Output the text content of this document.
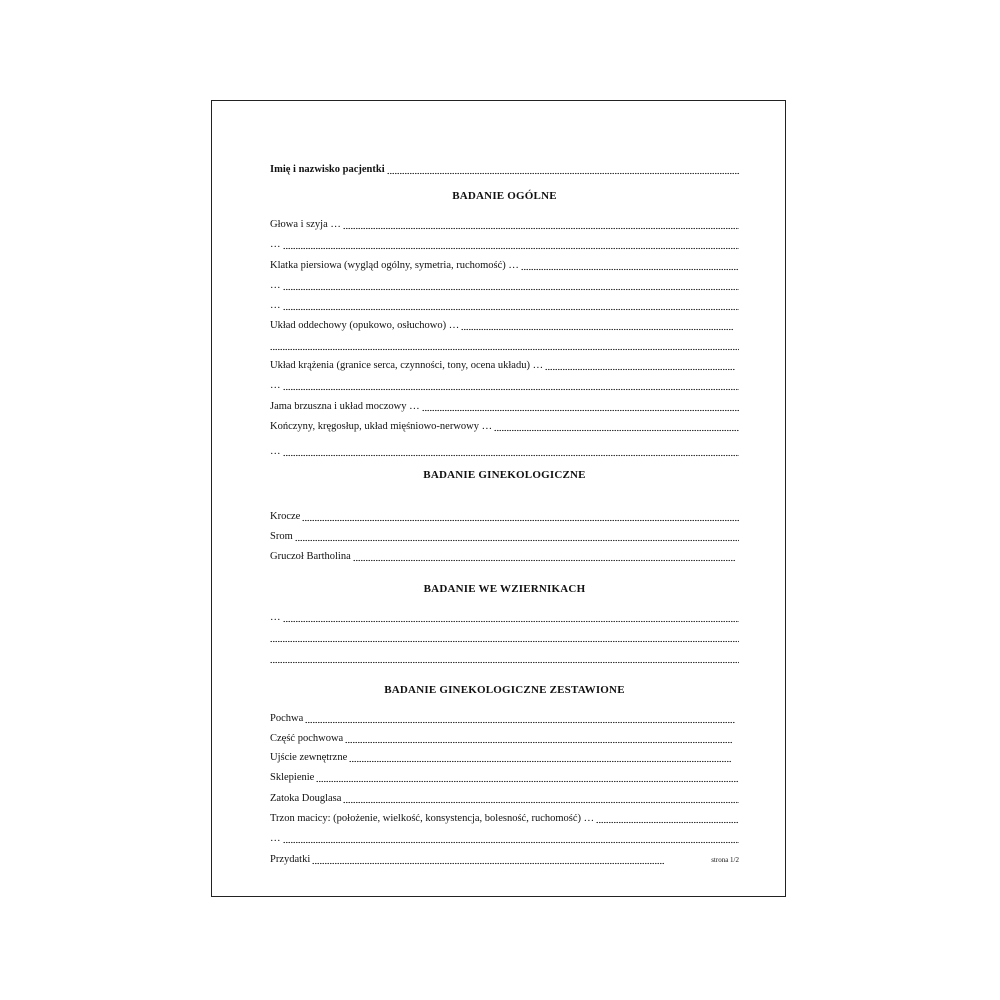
Imię i nazwisko pacjentki
BADANIE OGÓLNE
Głowa i szyja …
…
Klatka piersiowa (wygląd ogólny, symetria, ruchomość) …
…
…
Układ oddechowy (opukowo, osłuchowo) …
Układ krążenia (granice serca, czynności, tony, ocena układu) …
…
Jama brzuszna i układ moczowy …
Kończyny, kręgosłup, układ mięśniowo-nerwowy …
…
BADANIE GINEKOLOGICZNE
Krocze
Srom
Gruczoł Bartholina
BADANIE WE WZIERNIKACH
…
BADANIE GINEKOLOGICZNE ZESTAWIONE
Pochwa
Część pochwowa
Ujście zewnętrzne
Sklepienie
Zatoka Douglasa
Trzon macicy: (położenie, wielkość, konsystencja, bolesność, ruchomość) …
…
Przydatki	strona 1/2
